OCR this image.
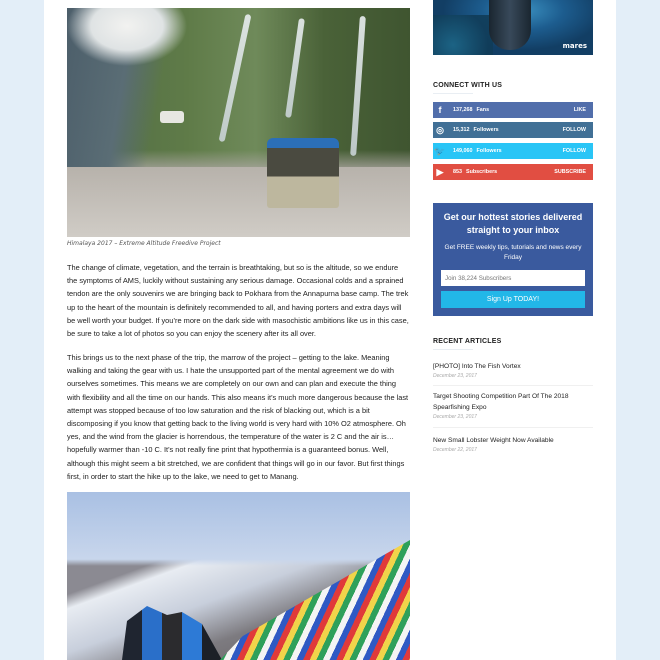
Himalaya 2017 – Extreme Altitude Freedive Project

The change of climate, vegetation, and the terrain is breathtaking, but so is the altitude, so we endure the symptoms of AMS, luckily without sustaining any serious damage. Occasional colds and a sprained tendon are the only souvenirs we are bringing back to Pokhara from the Annapurna base camp. The trek up to the heart of the mountain is definitely recommended to all, and having porters and extra days will be well worth your budget. If you’re more on the dark side with masochistic ambitions like us in this case, be sure to take a lot of photos so you can enjoy the scenery after its all over.

This brings us to the next phase of the trip, the marrow of the project – getting to the lake. Meaning walking and taking the gear with us. I hate the unsupported part of the mental agreement we do with ourselves sometimes. This means we are completely on our own and can plan and execute the thing with flexibility and all the time on our hands. This also means it’s much more dangerous because the last attempt was stopped because of too low saturation and the risk of blacking out, which is a bit discomposing if you know that getting back to the living world is very hard with 10% O2 atmosphere. Oh yes, and the wind from the glacier is horrendous, the temperature of the water is 2 C and the air is… hopefully warmer than -10 C. It’s not really fine print that hypothermia is a guaranteed bonus. Well, although this might seem a bit stretched, we are confident that things will go in our favor. But first things first, in order to start the hike up to the lake, we need to get to Manang.

mares
CONNECT WITH US
f	137,268 Fans	LIKE
◎	15,312 Followers	FOLLOW
🐦 149,060 Followers	FOLLOW
▶	853 Subscribers	SUBSCRIBE
Get our hottest stories delivered straight to your inbox

Get FREE weekly tips, tutorials and news every Friday

Join 38,224 Subscribers
Sign Up TODAY!
RECENT ARTICLES
[PHOTO] Into The Fish Vortex
December 23, 2017
Target Shooting Competition Part Of The 2018 Spearfishing Expo
December 23, 2017
New Small Lobster Weight Now Available
December 22, 2017
